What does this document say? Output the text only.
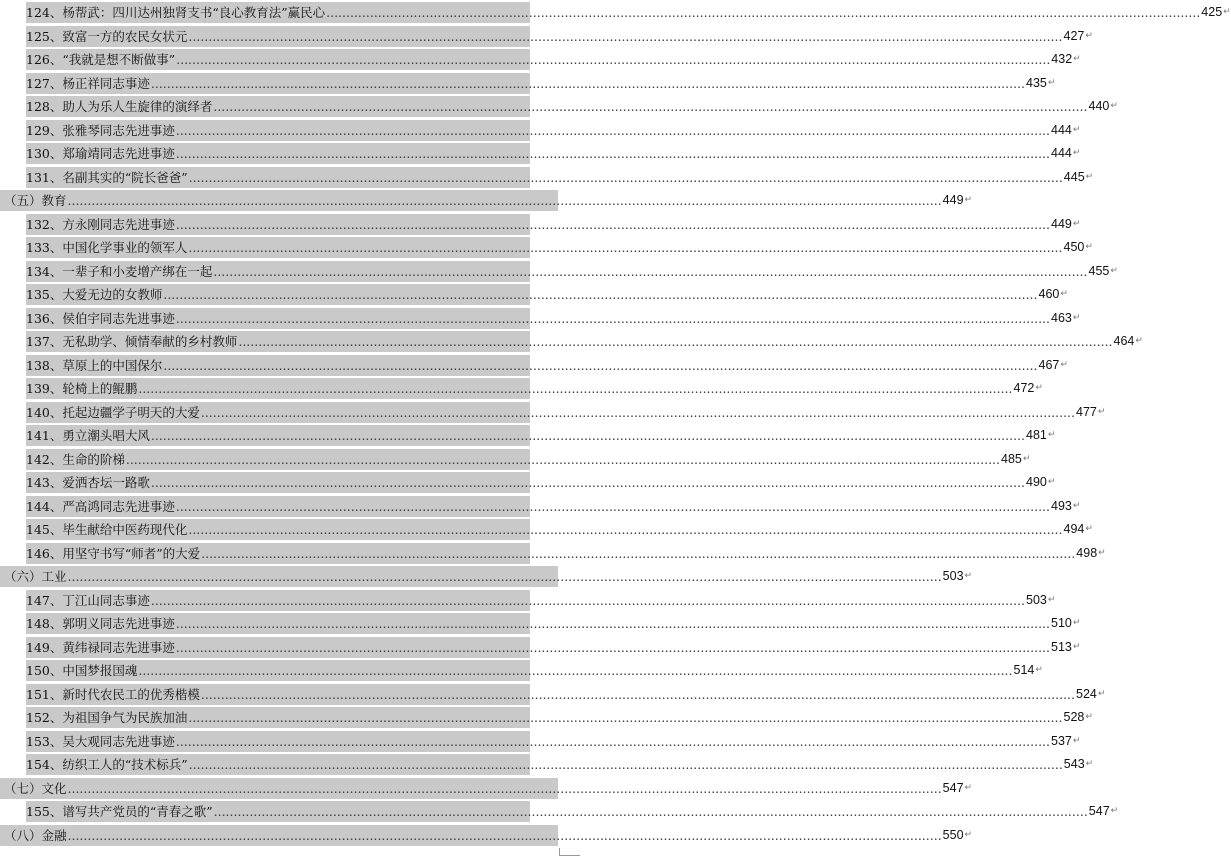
124、杨帮武：四川达州独肾支书“良心教育法”赢民心 ............................................................................................................................................................................................................................ 425 ↵
125、致富一方的农民女状元 ............................................................................................................................................................................................................................ 427 ↵
126、“我就是想不断做事” ............................................................................................................................................................................................................................ 432 ↵
127、杨正祥同志事迹 ............................................................................................................................................................................................................................ 435 ↵
128、助人为乐人生旋律的演绎者 ............................................................................................................................................................................................................................ 440 ↵
129、张雅琴同志先进事迹 ............................................................................................................................................................................................................................ 444 ↵
130、郑瑜靖同志先进事迹 ............................................................................................................................................................................................................................ 444 ↵
131、名副其实的“院长爸爸” ............................................................................................................................................................................................................................ 445 ↵
（五）教育 ............................................................................................................................................................................................................................ 449 ↵
132、方永刚同志先进事迹 ............................................................................................................................................................................................................................ 449 ↵
133、中国化学事业的领军人 ............................................................................................................................................................................................................................ 450 ↵
134、一辈子和小麦增产绑在一起 ............................................................................................................................................................................................................................ 455 ↵
135、大爱无边的女教师 ............................................................................................................................................................................................................................ 460 ↵
136、侯伯宇同志先进事迹 ............................................................................................................................................................................................................................ 463 ↵
137、无私助学、倾情奉献的乡村教师 ............................................................................................................................................................................................................................ 464 ↵
138、草原上的中国保尔 ............................................................................................................................................................................................................................ 467 ↵
139、轮椅上的鲲鹏 ............................................................................................................................................................................................................................ 472 ↵
140、托起边疆学子明天的大爱 ............................................................................................................................................................................................................................ 477 ↵
141、勇立潮头唱大风 ............................................................................................................................................................................................................................ 481 ↵
142、生命的阶梯 ............................................................................................................................................................................................................................ 485 ↵
143、爱洒杏坛一路歌 ............................................................................................................................................................................................................................ 490 ↵
144、严高鸿同志先进事迹 ............................................................................................................................................................................................................................ 493 ↵
145、毕生献给中医药现代化 ............................................................................................................................................................................................................................ 494 ↵
146、用坚守书写“师者”的大爱 ............................................................................................................................................................................................................................ 498 ↵
（六）工业 ............................................................................................................................................................................................................................ 503 ↵
147、丁江山同志事迹 ............................................................................................................................................................................................................................ 503 ↵
148、郭明义同志先进事迹 ............................................................................................................................................................................................................................ 510 ↵
149、黄纬禄同志先进事迹 ............................................................................................................................................................................................................................ 513 ↵
150、中国梦报国魂 ............................................................................................................................................................................................................................ 514 ↵
151、新时代农民工的优秀楷模 ............................................................................................................................................................................................................................ 524 ↵
152、为祖国争气为民族加油 ............................................................................................................................................................................................................................ 528 ↵
153、吴大观同志先进事迹 ............................................................................................................................................................................................................................ 537 ↵
154、纺织工人的“技术标兵” ............................................................................................................................................................................................................................ 543 ↵
（七）文化 ............................................................................................................................................................................................................................ 547 ↵
155、谱写共产党员的“青春之歌” ............................................................................................................................................................................................................................ 547 ↵
（八）金融 ............................................................................................................................................................................................................................ 550 ↵
